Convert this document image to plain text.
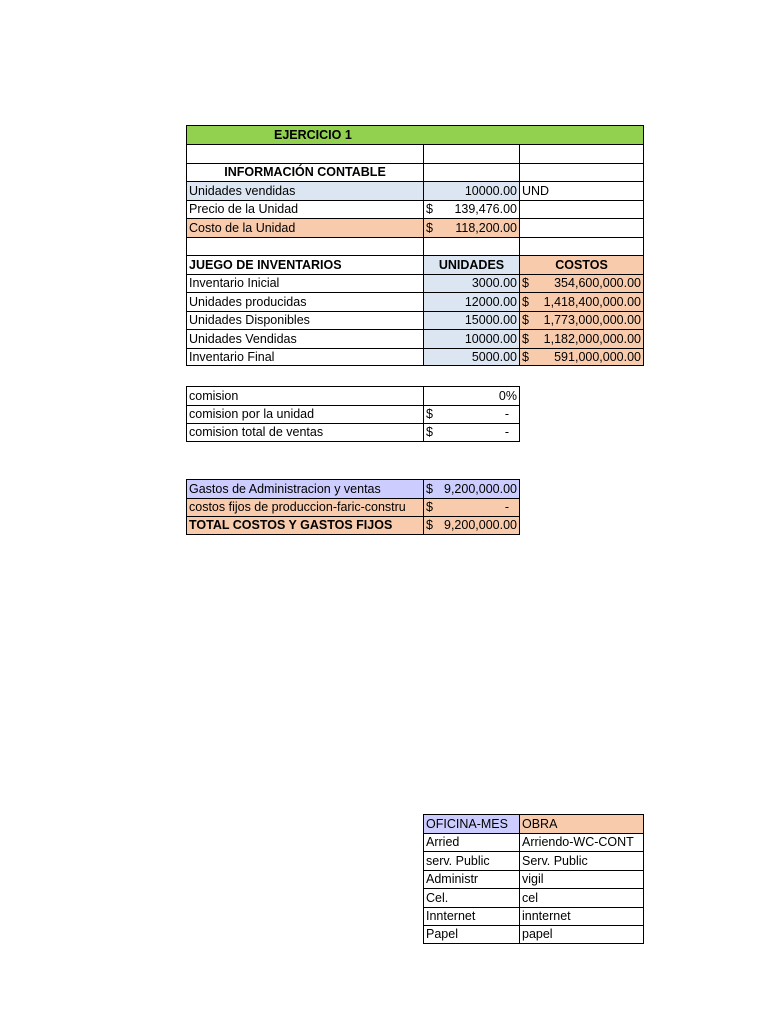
EJERCICIO 1
INFORMACIÓN CONTABLE
Unidades vendidas	10000.00 UND
Precio de la Unidad	$ 139,476.00
Costo de la Unidad	$ 118,200.00
JUEGO DE INVENTARIOS	UNIDADES	COSTOS
Inventario Inicial	3000.00 $ 354,600,000.00
Unidades producidas	12000.00 $ 1,418,400,000.00
Unidades Disponibles	15000.00 $ 1,773,000,000.00
Unidades Vendidas	10000.00 $ 1,182,000,000.00
Inventario Final	5000.00 $ 591,000,000.00
comision	0%
comision por la unidad	$	-
comision total de ventas	$	-
Gastos de Administracion y ventas	$ 9,200,000.00
costos fijos de produccion-faric-constru	$	-
TOTAL COSTOS Y GASTOS FIJOS	$ 9,200,000.00
OFICINA-MES	OBRA
Arried	Arriendo-WC-CONT
serv. Public	Serv. Public
Administr	vigil
Cel.	cel
Innternet	innternet
Papel	papel
